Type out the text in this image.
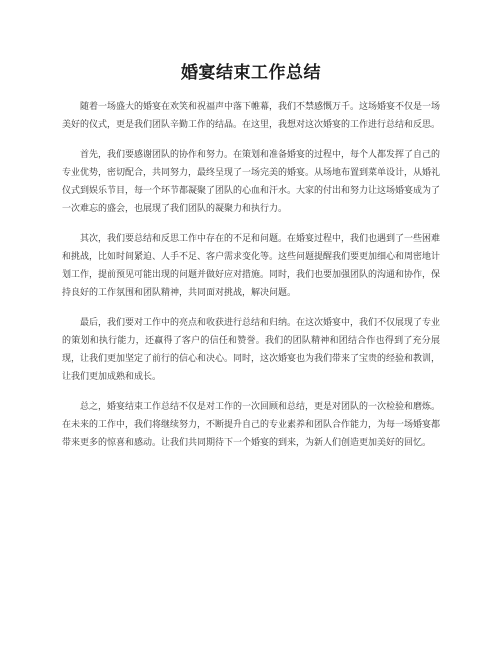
婚宴结束工作总结

随着一场盛大的婚宴在欢笑和祝福声中落下帷幕，我们不禁感慨万千。这场婚宴不仅是一场美好的仪式，更是我们团队辛勤工作的结晶。在这里，我想对这次婚宴的工作进行总结和反思。

首先，我们要感谢团队的协作和努力。在策划和准备婚宴的过程中，每个人都发挥了自己的专业优势，密切配合，共同努力，最终呈现了一场完美的婚宴。从场地布置到菜单设计，从婚礼仪式到娱乐节目，每一个环节都凝聚了团队的心血和汗水。大家的付出和努力让这场婚宴成为了一次难忘的盛会，也展现了我们团队的凝聚力和执行力。

其次，我们要总结和反思工作中存在的不足和问题。在婚宴过程中，我们也遇到了一些困难和挑战，比如时间紧迫、人手不足、客户需求变化等。这些问题提醒我们要更加细心和周密地计划工作，提前预见可能出现的问题并做好应对措施。同时，我们也要加强团队的沟通和协作，保持良好的工作氛围和团队精神，共同面对挑战，解决问题。

最后，我们要对工作中的亮点和收获进行总结和归纳。在这次婚宴中，我们不仅展现了专业的策划和执行能力，还赢得了客户的信任和赞誉。我们的团队精神和团结合作也得到了充分展现，让我们更加坚定了前行的信心和决心。同时，这次婚宴也为我们带来了宝贵的经验和教训，让我们更加成熟和成长。

总之，婚宴结束工作总结不仅是对工作的一次回顾和总结，更是对团队的一次检验和磨炼。在未来的工作中，我们将继续努力，不断提升自己的专业素养和团队合作能力，为每一场婚宴都带来更多的惊喜和感动。让我们共同期待下一个婚宴的到来，为新人们创造更加美好的回忆。
